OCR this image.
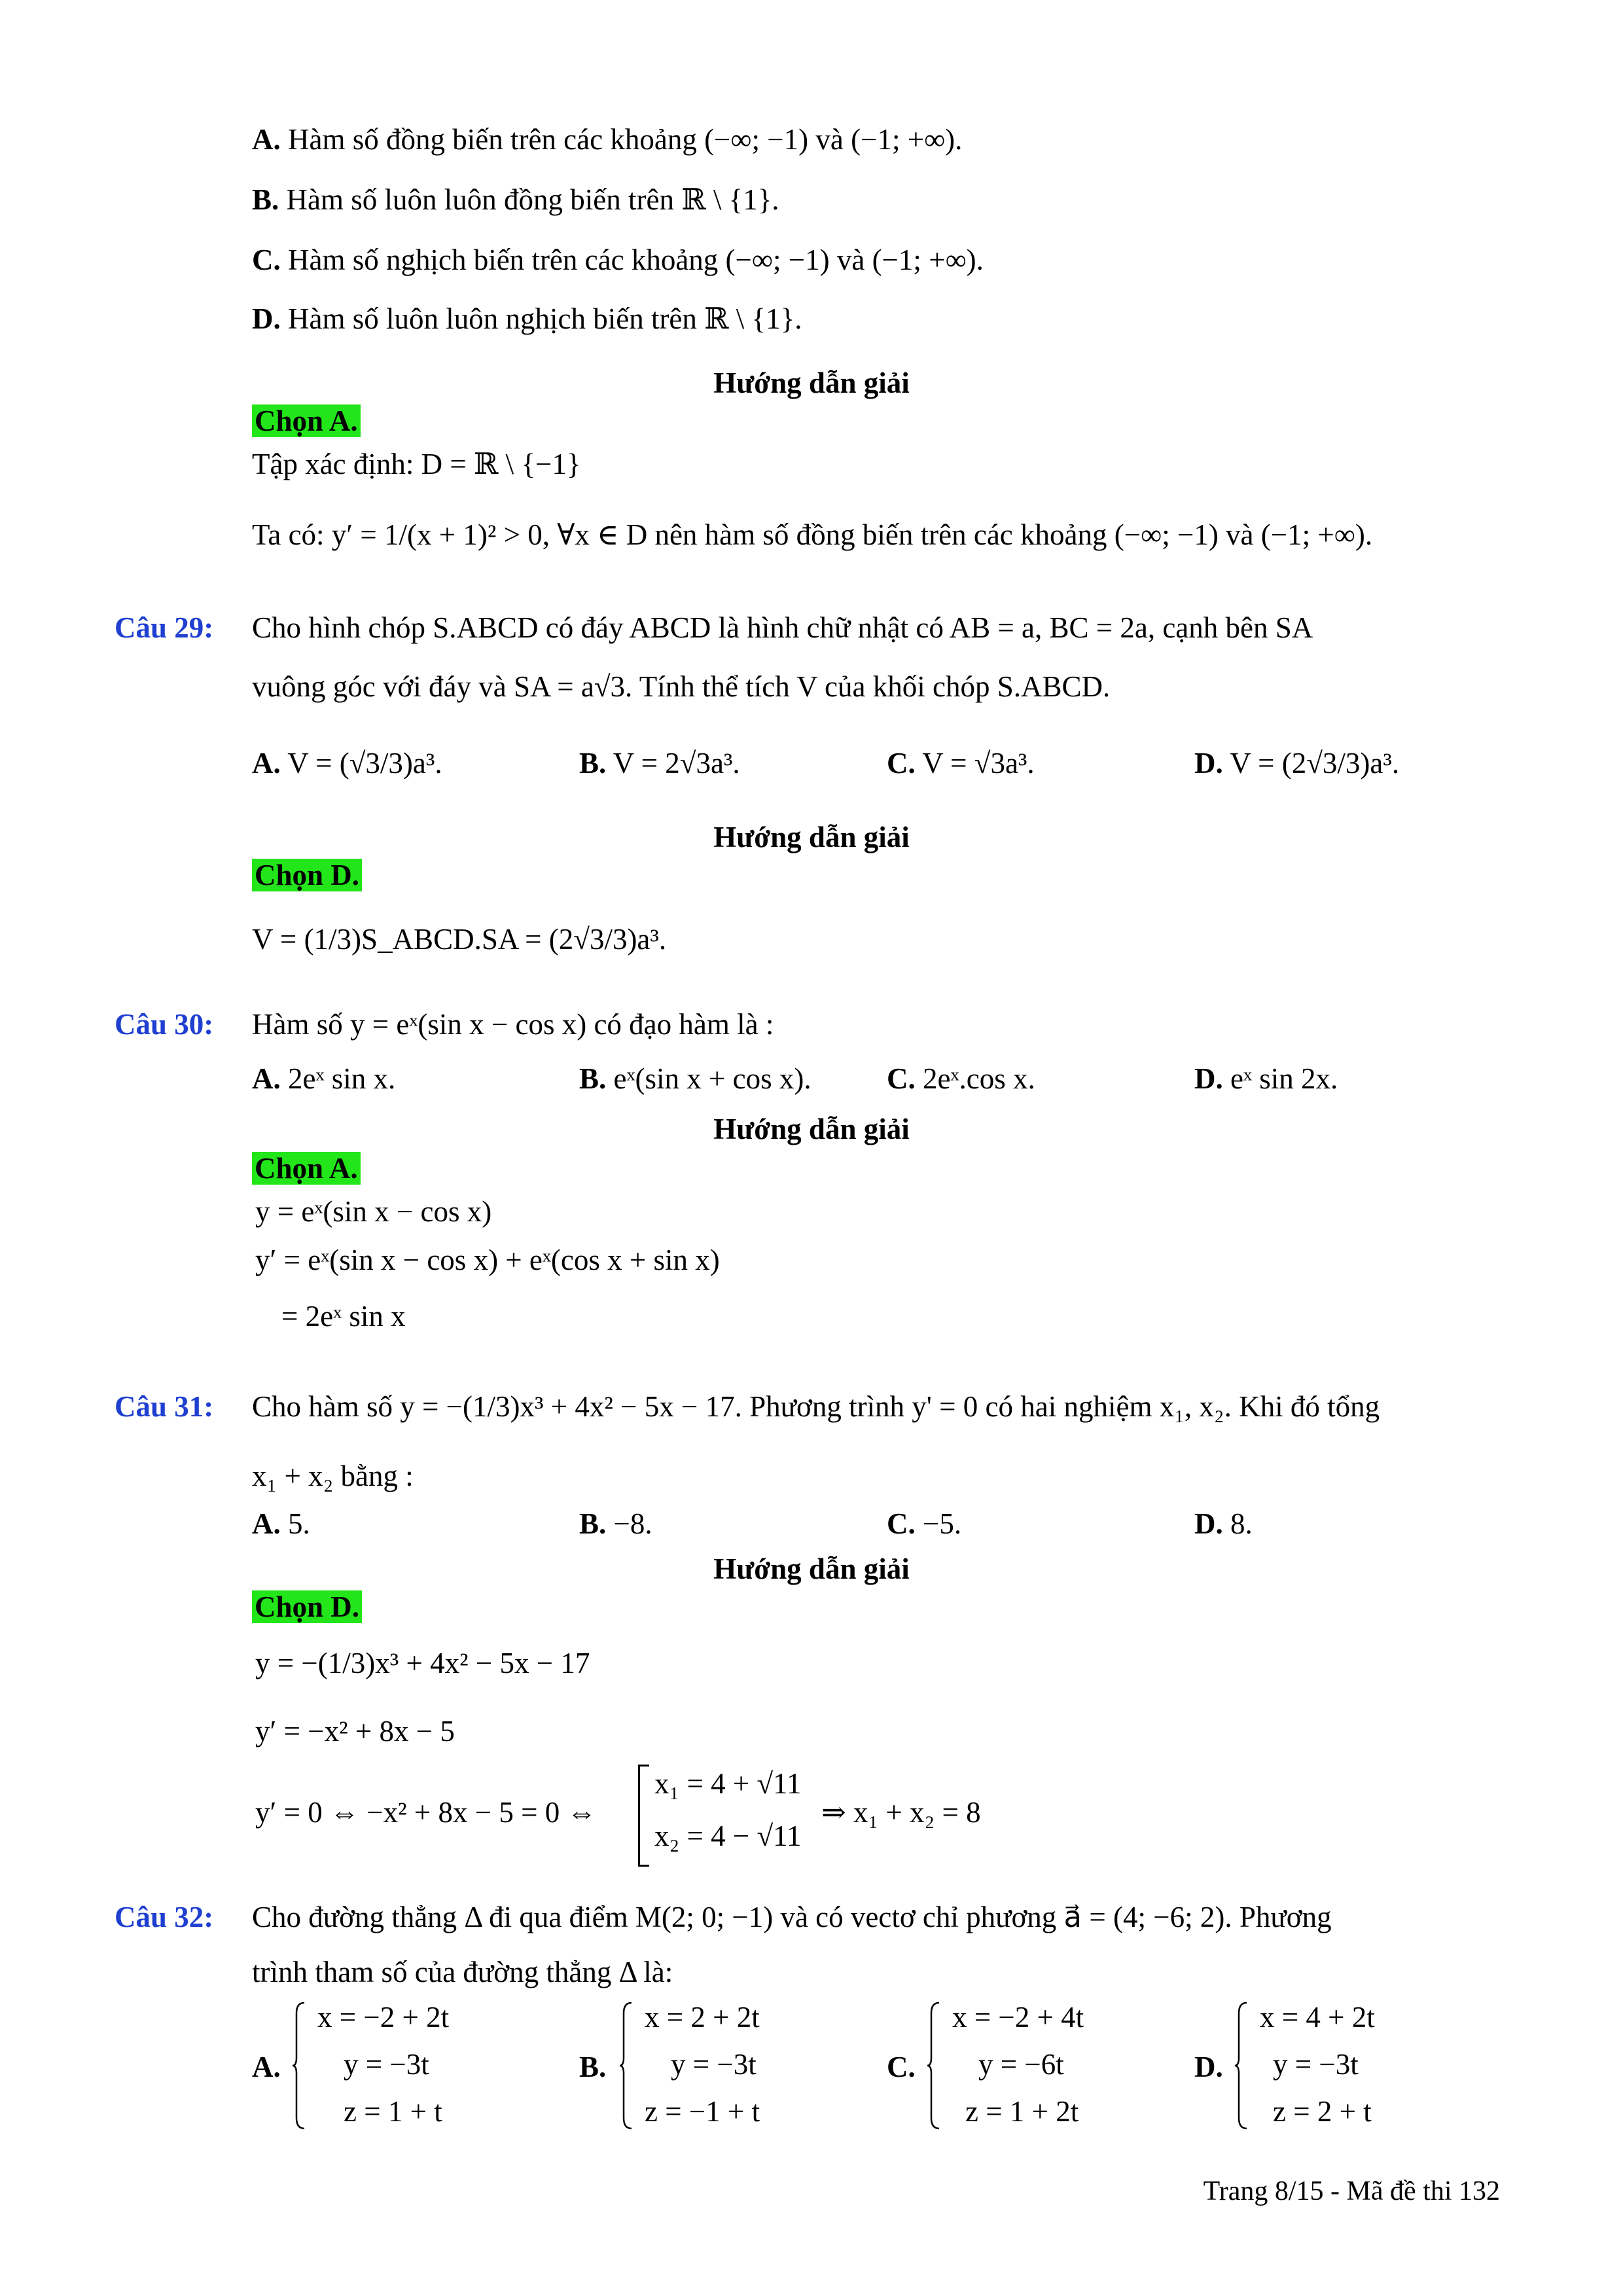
A. Hàm số đồng biến trên các khoảng (−∞; −1) và (−1; +∞).
B. Hàm số luôn luôn đồng biến trên ℝ \ {1}.
C. Hàm số nghịch biến trên các khoảng (−∞; −1) và (−1; +∞).
D. Hàm số luôn luôn nghịch biến trên ℝ \ {1}.
Hướng dẫn giải
Chọn A.
Tập xác định: D = ℝ \ {−1}
Ta có: y′ = 1/(x + 1)² > 0, ∀x ∈ D nên hàm số đồng biến trên các khoảng (−∞; −1) và (−1; +∞).
Câu 29: Cho hình chóp S.ABCD có đáy ABCD là hình chữ nhật có AB = a, BC = 2a, cạnh bên SA
vuông góc với đáy và SA = a√3. Tính thể tích V của khối chóp S.ABCD.
A. V = (√3/3)a³.	B. V = 2√3a³.	C. V = √3a³.	D. V = (2√3/3)a³.
Hướng dẫn giải
Chọn D.
V = (1/3)S_ABCD.SA = (2√3/3)a³.
Câu 30: Hàm số y = eˣ(sin x − cos x) có đạo hàm là :
A. 2eˣ sin x.	B. eˣ(sin x + cos x).	C. 2eˣ.cos x.	D. eˣ sin 2x.
Hướng dẫn giải
Chọn A.
y = eˣ(sin x − cos x)
y′ = eˣ(sin x − cos x) + eˣ(cos x + sin x)
= 2eˣ sin x
Câu 31: Cho hàm số y = −(1/3)x³ + 4x² − 5x − 17. Phương trình y' = 0 có hai nghiệm x₁, x₂. Khi đó tổng
x₁ + x₂ bằng :
A. 5.	B. −8.	C. −5.	D. 8.
Hướng dẫn giải
Chọn D.
y = −(1/3)x³ + 4x² − 5x − 17
y′ = −x² + 8x − 5
y′ = 0 ⇔ −x² + 8x − 5 = 0 ⇔
x₁ = 4 + √11
x₂ = 4 − √11
⇒ x₁ + x₂ = 8
Câu 32: Cho đường thẳng Δ đi qua điểm M(2; 0; −1) và có vectơ chỉ phương a⃗ = (4; −6; 2). Phương
trình tham số của đường thẳng Δ là:
A.
x = −2 + 2t
y = −3t
z = 1 + t
B.
x = 2 + 2t
y = −3t
z = −1 + t
C.
x = −2 + 4t
y = −6t
z = 1 + 2t
D.
x = 4 + 2t
y = −3t
z = 2 + t
Trang 8/15 - Mã đề thi 132
